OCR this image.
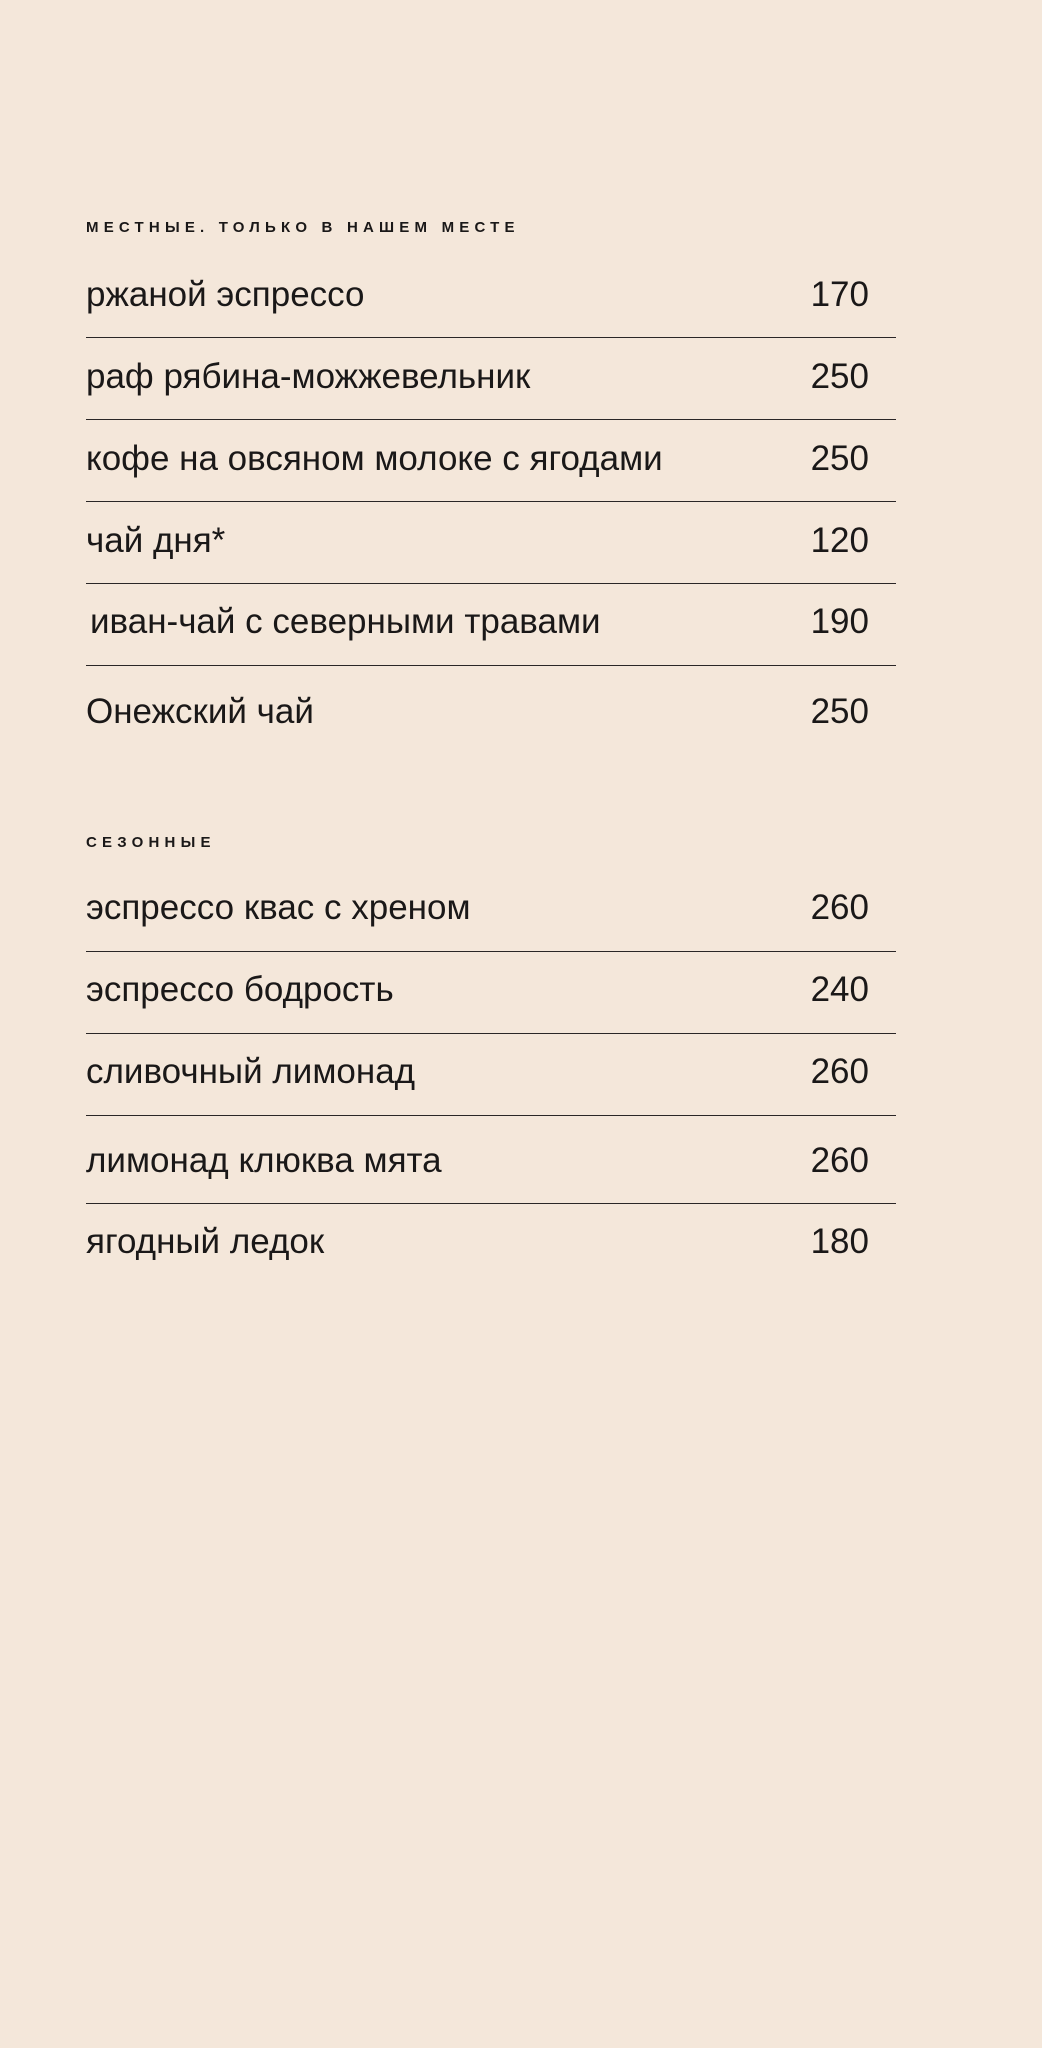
МЕСТНЫЕ. ТОЛЬКО В НАШЕМ МЕСТЕ
ржаной эспрессо	170
раф рябина-можжевельник	250
кофе на овсяном молоке с ягодами	250
чай дня*	120
иван-чай с северными травами	190
Онежский чай	250
СЕЗОННЫЕ
эспрессо квас с хреном	260
эспрессо бодрость	240
сливочный лимонад	260
лимонад клюква мята	260
ягодный ледок	180
